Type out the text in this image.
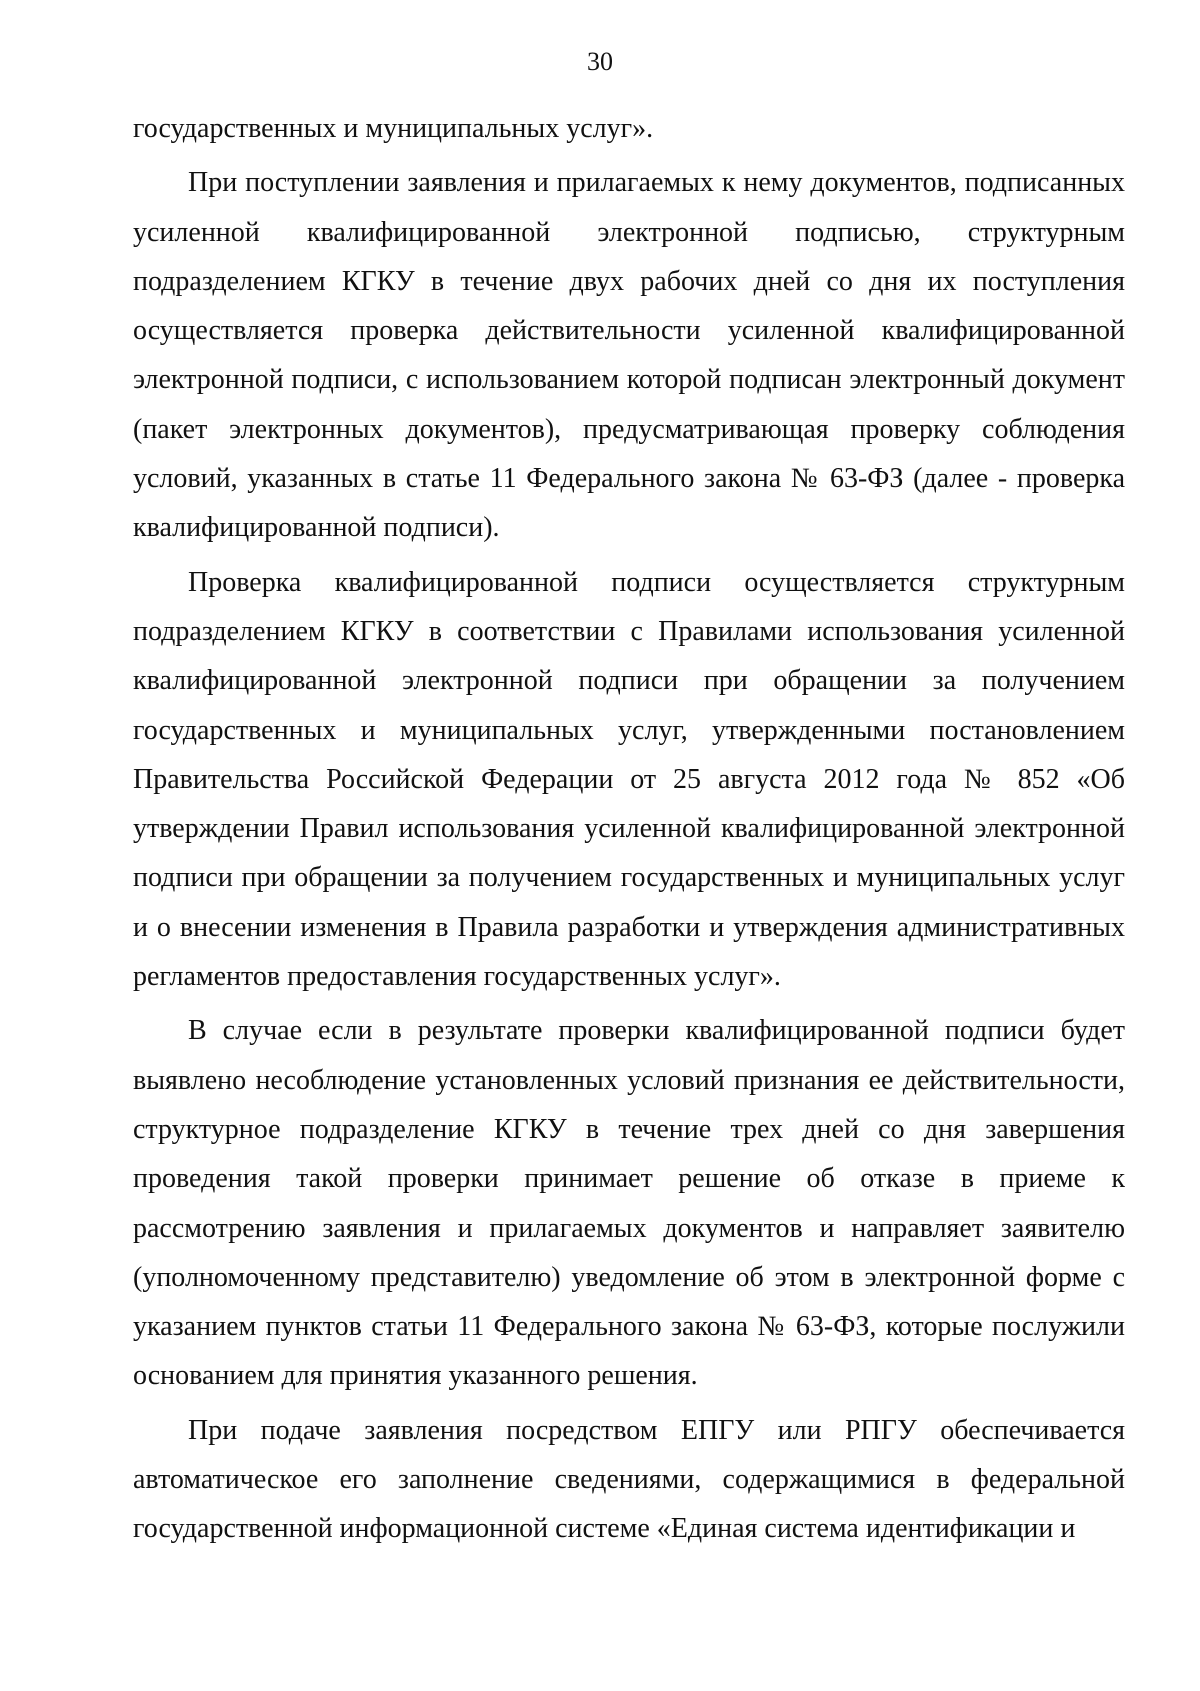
30

государственных и муниципальных услуг».

При поступлении заявления и прилагаемых к нему документов, подписанных усиленной квалифицированной электронной подписью, структурным подразделением КГКУ в течение двух рабочих дней со дня их поступления осуществляется проверка действительности усиленной квалифицированной электронной подписи, с использованием которой подписан электронный документ (пакет электронных документов), предусматривающая проверку соблюдения условий, указанных в статье 11 Федерального закона № 63-ФЗ (далее - проверка квалифицированной подписи).

Проверка квалифицированной подписи осуществляется структурным подразделением КГКУ в соответствии с Правилами использования усиленной квалифицированной электронной подписи при обращении за получением государственных и муниципальных услуг, утвержденными постановлением Правительства Российской Федерации от 25 августа 2012 года № 852 «Об утверждении Правил использования усиленной квалифицированной электронной подписи при обращении за получением государственных и муниципальных услуг и о внесении изменения в Правила разработки и утверждения административных регламентов предоставления государственных услуг».

В случае если в результате проверки квалифицированной подписи будет выявлено несоблюдение установленных условий признания ее действительности, структурное подразделение КГКУ в течение трех дней со дня завершения проведения такой проверки принимает решение об отказе в приеме к рассмотрению заявления и прилагаемых документов и направляет заявителю (уполномоченному представителю) уведомление об этом в электронной форме с указанием пунктов статьи 11 Федерального закона № 63-ФЗ, которые послужили основанием для принятия указанного решения.

При подаче заявления посредством ЕПГУ или РПГУ обеспечивается автоматическое его заполнение сведениями, содержащимися в федеральной государственной информационной системе «Единая система идентификации и
